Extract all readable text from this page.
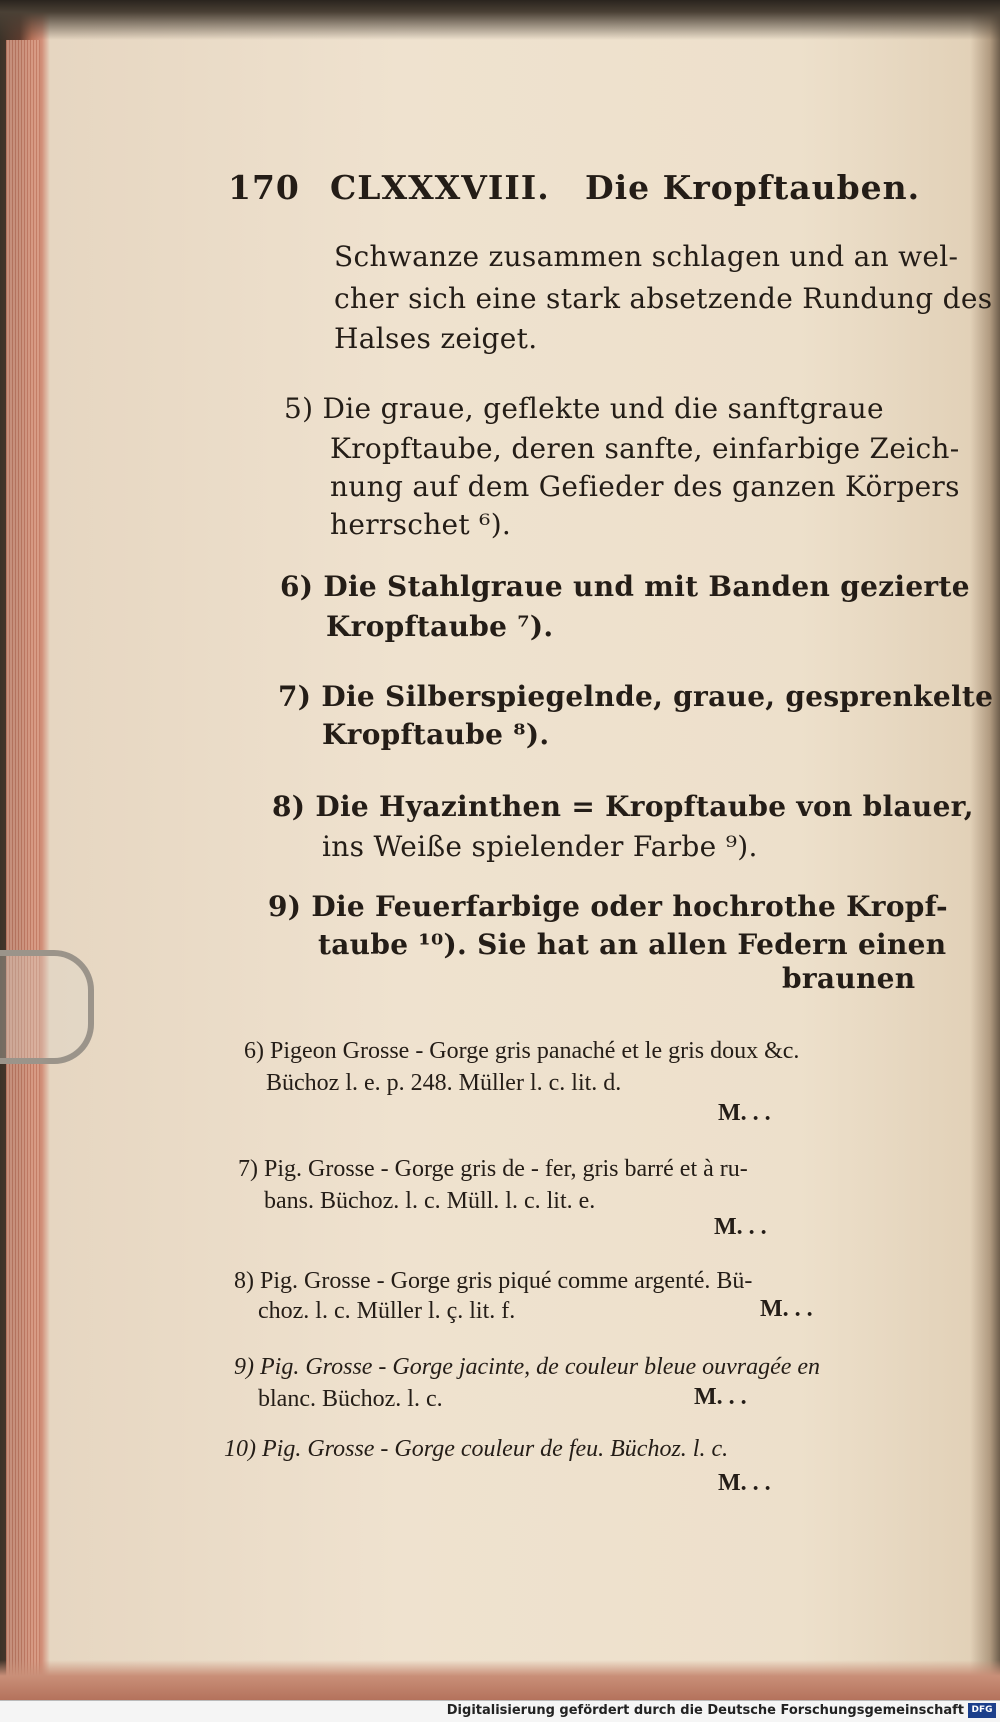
170 CLXXXVIII. Die Kropftauben.
Schwanze zusammen schlagen und an wel-
cher sich eine stark absetzende Rundung des
Halses zeiget.
5) Die graue, geflekte und die sanftgraue
Kropftaube, deren sanfte, einfarbige Zeich-
nung auf dem Gefieder des ganzen Körpers
herrschet ⁶).
6) Die Stahlgraue und mit Banden gezierte
Kropftaube ⁷).
7) Die Silberspiegelnde, graue, gesprenkelte
Kropftaube ⁸).
8) Die Hyazinthen = Kropftaube von blauer,
ins Weiße spielender Farbe ⁹).
9) Die Feuerfarbige oder hochrothe Kropf-
taube ¹⁰). Sie hat an allen Federn einen
braunen
6) Pigeon Grosse - Gorge gris panaché et le gris doux &c.
Büchoz l. e. p. 248. Müller l. c. lit. d.
M. . .
7) Pig. Grosse - Gorge gris de - fer, gris barré et à ru-
bans. Büchoz. l. c. Müll. l. c. lit. e.
M. . .
8) Pig. Grosse - Gorge gris piqué comme argenté. Bü-
choz. l. c. Müller l. ç. lit. f.	M. . .
9) Pig. Grosse - Gorge jacinte, de couleur bleue ouvragée en
blanc. Büchoz. l. c.	M. . .
10) Pig. Grosse - Gorge couleur de feu. Büchoz. l. c.
M. . .
Digitalisierung gefördert durch die Deutsche Forschungsgemeinschaft DFG
